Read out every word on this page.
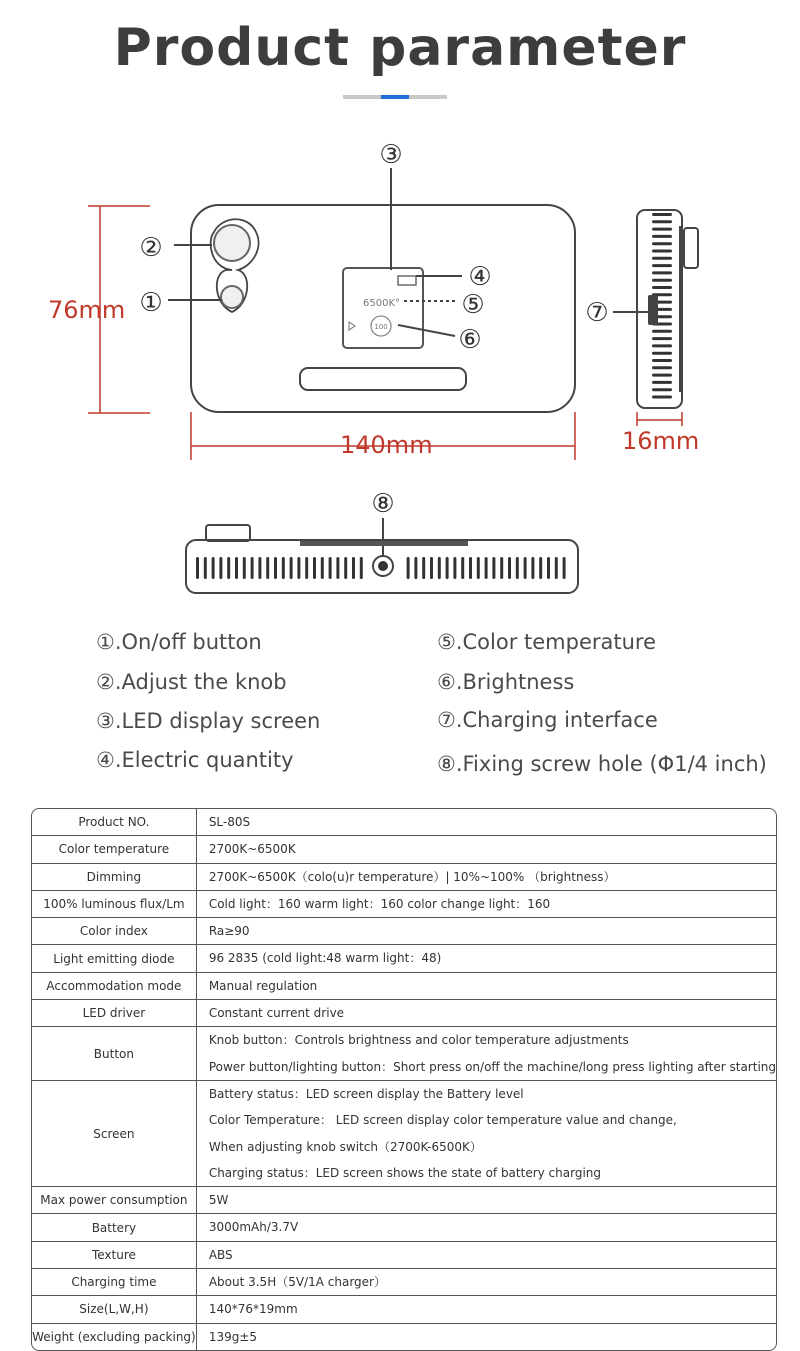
Product parameter
6500K°
100
③
②
①
④
⑤
⑥
⑦
⑧
76mm
140mm	16mm
①.On/off button
②.Adjust the knob
③.LED display screen
④.Electric quantity
⑤.Color temperature
⑥.Brightness
⑦.Charging interface
⑧.Fixing screw hole (Φ1/4 inch)
Product NO.	SL-80S

Color temperature	2700K~6500K

Dimming	2700K~6500K（colo(u)r temperature）| 10%~100% （brightness）

100% luminous flux/Lm	Cold light：160 warm light：160 color change light：160

Color index	Ra≥90

Light emitting diode	96 2835 (cold light:48 warm light：48)

Accommodation mode	Manual regulation

LED driver	Constant current drive

Button	Knob button：Controls brightness and color temperature adjustments
Power button/lighting button：Short press on/off the machine/long press lighting after starting

Screen	Battery status：LED screen display the Battery level
Color Temperature： LED screen display color temperature value and change,
When adjusting knob switch（2700K-6500K）
Charging status：LED screen shows the state of battery charging

Max power consumption	5W

Battery	3000mAh/3.7V

Texture	ABS

Charging time	About 3.5H（5V/1A charger）

Size(L,W,H)	140*76*19mm

Weight (excluding packing)	139g±5
